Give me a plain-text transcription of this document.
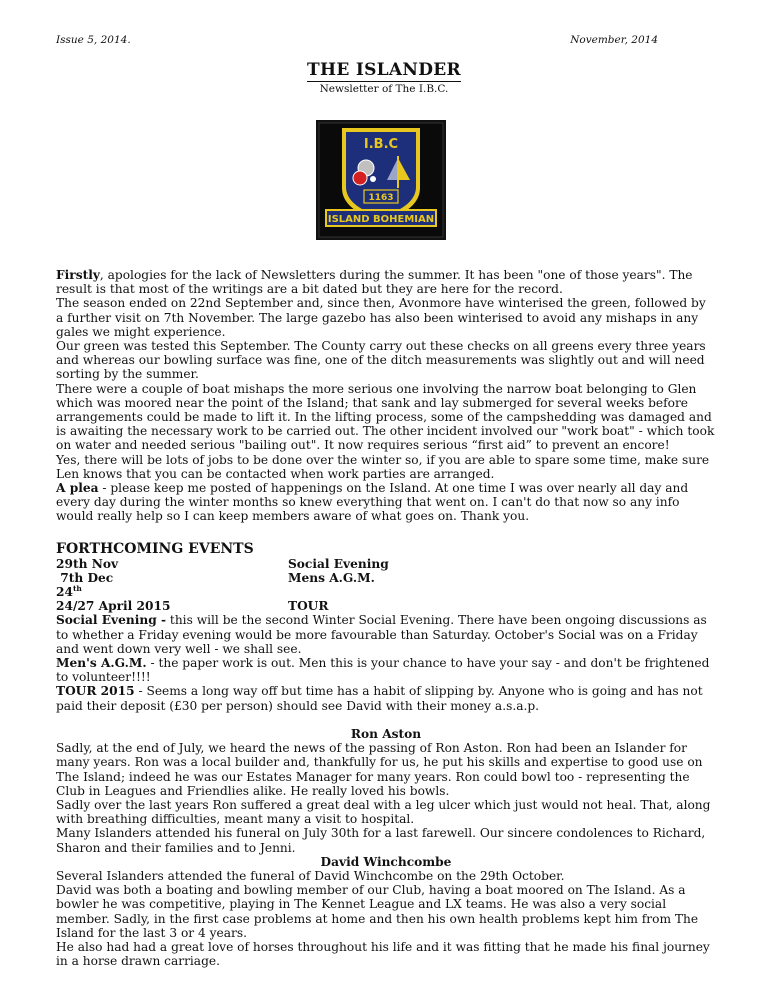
Issue 5, 2014.	November, 2014
THE ISLANDER
Newsletter of The I.B.C.
I.B.C
1163
ISLAND BOHEMIAN

Firstly, apologies for the lack of Newsletters during the summer. It has been "one of those years". The result is that most of the writings are a bit dated but they are here for the record.

The season ended on 22nd September and, since then, Avonmore have winterised the green, followed by a further visit on 7th November. The large gazebo has also been winterised to avoid any mishaps in any gales we might experience.

Our green was tested this September. The County carry out these checks on all greens every three years and whereas our bowling surface was fine, one of the ditch measurements was slightly out and will need sorting by the summer.

There were a couple of boat mishaps the more serious one involving the narrow boat belonging to Glen which was moored near the point of the Island; that sank and lay submerged for several weeks before arrangements could be made to lift it. In the lifting process, some of the campshedding was damaged and is awaiting the necessary work to be carried out. The other incident involved our "work boat" - which took on water and needed serious "bailing out". It now requires serious “first aid” to prevent an encore!

Yes, there will be lots of jobs to be done over the winter so, if you are able to spare some time, make sure Len knows that you can be contacted when work parties are arranged.

A plea - please keep me posted of happenings on the Island. At one time I was over nearly all day and every day during the winter months so knew everything that went on. I can't do that now so any info would really help so I can keep members aware of what goes on. Thank you.

FORTHCOMING EVENTS
29th Nov	Social Evening
7th Dec	Mens A.G.M.
24th
24/27 April 2015	TOUR

Social Evening - this will be the second Winter Social Evening. There have been ongoing discussions as to whether a Friday evening would be more favourable than Saturday. October's Social was on a Friday and went down very well - we shall see.

Men's A.G.M. - the paper work is out. Men this is your chance to have your say - and don't be frightened to volunteer!!!!

TOUR 2015 - Seems a long way off but time has a habit of slipping by. Anyone who is going and has not paid their deposit (£30 per person) should see David with their money a.s.a.p.

Ron Aston

Sadly, at the end of July, we heard the news of the passing of Ron Aston. Ron had been an Islander for many years. Ron was a local builder and, thankfully for us, he put his skills and expertise to good use on The Island; indeed he was our Estates Manager for many years. Ron could bowl too - representing the Club in Leagues and Friendlies alike. He really loved his bowls.

Sadly over the last years Ron suffered a great deal with a leg ulcer which just would not heal. That, along with breathing difficulties, meant many a visit to hospital.

Many Islanders attended his funeral on July 30th for a last farewell. Our sincere condolences to Richard, Sharon and their families and to Jenni.

David Winchcombe

Several Islanders attended the funeral of David Winchcombe on the 29th October.

David was both a boating and bowling member of our Club, having a boat moored on The Island. As a bowler he was competitive, playing in The Kennet League and LX teams. He was also a very social member. Sadly, in the first case problems at home and then his own health problems kept him from The Island for the last 3 or 4 years.

He also had had a great love of horses throughout his life and it was fitting that he made his final journey in a horse drawn carriage.
